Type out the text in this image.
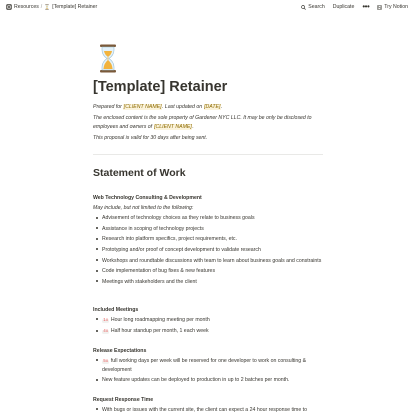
Resources / [Template] Retainer	Search Duplicate •••	Try Notion
[Template] Retainer

Prepared for [CLIENT NAME]. Last updated on [DATE].

The enclosed content is the sole property of Gardener NYC LLC. It may be only be disclosed to employees and owners of [CLIENT NAME].

This proposal is valid for 30 days after being sent.

Statement of Work
Web Technology Consulting & Development
May include, but not limited to the following:
Advisement of technology choices as they relate to business goals
Assistance in scoping of technology projects
Research into platform specifics, project requirements, etc.
Prototyping and/or proof of concept development to validate research
Workshops and roundtable discussions with team to learn about business goals and constraints
Code implementation of bug fixes & new features
Meetings with stakeholders and the client
Included Meetings
1x Hour long roadmapping meeting per month
4x Half hour standup per month, 1 each week
Release Expectations
5x full working days per week will be reserved for one developer to work on consulting & development
New feature updates can be deployed to production in up to 2 batches per month.
Request Response Time
With bugs or issues with the current site, the client can expect a 24 hour response time to
